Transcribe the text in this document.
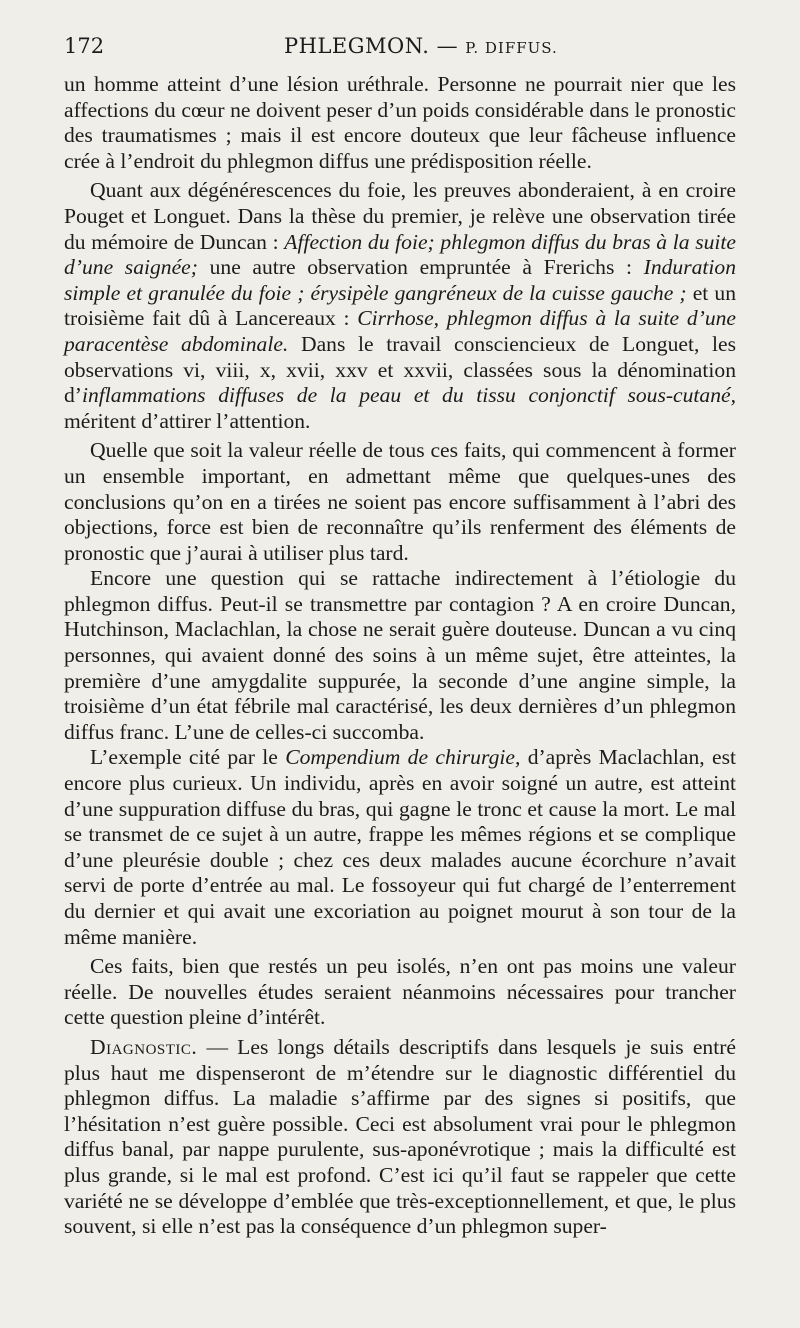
172	PHLEGMON. — P. DIFFUS.

un homme atteint d’une lésion uréthrale. Personne ne pourrait nier que les affections du cœur ne doivent peser d’un poids considérable dans le pronostic des traumatismes ; mais il est encore douteux que leur fâcheuse influence crée à l’endroit du phlegmon diffus une prédisposition réelle.

Quant aux dégénérescences du foie, les preuves abonderaient, à en croire Pouget et Longuet. Dans la thèse du premier, je relève une observation tirée du mémoire de Duncan : Affection du foie; phlegmon diffus du bras à la suite d’une saignée; une autre observation empruntée à Frerichs : Induration simple et granulée du foie ; érysipèle gangréneux de la cuisse gauche ; et un troisième fait dû à Lancereaux : Cirrhose, phlegmon diffus à la suite d’une paracentèse abdominale. Dans le travail consciencieux de Longuet, les observations vi, viii, x, xvii, xxv et xxvii, classées sous la dénomination d’inflammations diffuses de la peau et du tissu conjonctif sous-cutané, méritent d’attirer l’attention.

Quelle que soit la valeur réelle de tous ces faits, qui commencent à former un ensemble important, en admettant même que quelques-unes des conclusions qu’on en a tirées ne soient pas encore suffisamment à l’abri des objections, force est bien de reconnaître qu’ils renferment des éléments de pronostic que j’aurai à utiliser plus tard.

Encore une question qui se rattache indirectement à l’étiologie du phlegmon diffus. Peut-il se transmettre par contagion ? A en croire Duncan, Hutchinson, Maclachlan, la chose ne serait guère douteuse. Duncan a vu cinq personnes, qui avaient donné des soins à un même sujet, être atteintes, la première d’une amygdalite suppurée, la seconde d’une angine simple, la troisième d’un état fébrile mal caractérisé, les deux dernières d’un phlegmon diffus franc. L’une de celles-ci succomba.

L’exemple cité par le Compendium de chirurgie, d’après Maclachlan, est encore plus curieux. Un individu, après en avoir soigné un autre, est atteint d’une suppuration diffuse du bras, qui gagne le tronc et cause la mort. Le mal se transmet de ce sujet à un autre, frappe les mêmes régions et se complique d’une pleurésie double ; chez ces deux malades aucune écorchure n’avait servi de porte d’entrée au mal. Le fossoyeur qui fut chargé de l’enterrement du dernier et qui avait une excoriation au poignet mourut à son tour de la même manière.

Ces faits, bien que restés un peu isolés, n’en ont pas moins une valeur réelle. De nouvelles études seraient néanmoins nécessaires pour trancher cette question pleine d’intérêt.

Diagnostic. — Les longs détails descriptifs dans lesquels je suis entré plus haut me dispenseront de m’étendre sur le diagnostic différentiel du phlegmon diffus. La maladie s’affirme par des signes si positifs, que l’hésitation n’est guère possible. Ceci est absolument vrai pour le phlegmon diffus banal, par nappe purulente, sus-aponévrotique ; mais la difficulté est plus grande, si le mal est profond. C’est ici qu’il faut se rappeler que cette variété ne se développe d’emblée que très-exceptionnellement, et que, le plus souvent, si elle n’est pas la conséquence d’un phlegmon super-
